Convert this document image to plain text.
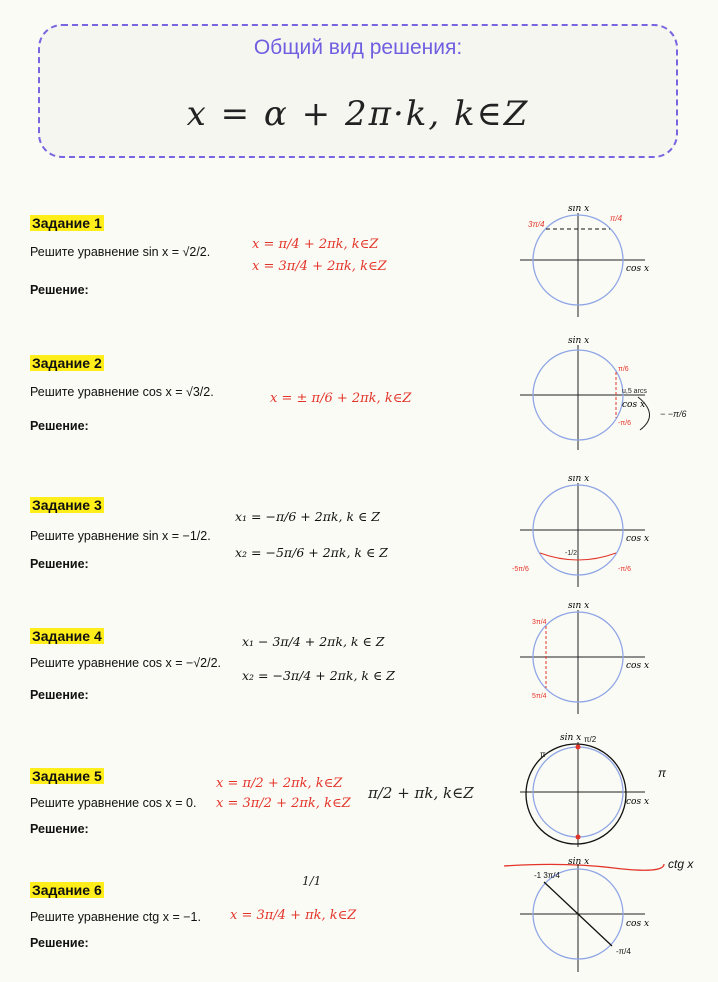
Общий вид решения:
x = α + 2π·k, k∈Z
Задание 1
Решите уравнение sin x = √2/2.
Решение:
x = π/4 + 2πk, k∈Z
x = 3π/4 + 2πk, k∈Z
sin x
cos x
3π/4
π/4
Задание 2
Решите уравнение cos x = √3/2.
Решение:
x = ± π/6 + 2πk, k∈Z
sin x
cos x
π/6
-π/6
u,5 arcs
− −π/6
Задание 3
Решите уравнение sin x = −1/2.
Решение:
x₁ = −π/6 + 2πk, k ∈ Z
x₂ = −5π/6 + 2πk, k ∈ Z
sin x
cos x
-5π/6	-π/6
-1/2
Задание 4
Решите уравнение cos x = −√2/2.
Решение:
x₁ − 3π/4 + 2πk, k ∈ Z
x₂ = −3π/4 + 2πk, k ∈ Z
sin x
cos x
3π/4
5π/4
Задание 5
Решите уравнение cos x = 0.
Решение:
x = π/2 + 2πk, k∈Z
x = 3π/2 + 2πk, k∈Z
π/2 + πk, k∈Z
sin x
cos x
π/2
π
π
Задание 6
Решите уравнение ctg x = −1.
Решение:
x = 3π/4 + πk, k∈Z
1/1
sin x
cos x
-1 3π/4
-π/4
ctg x
